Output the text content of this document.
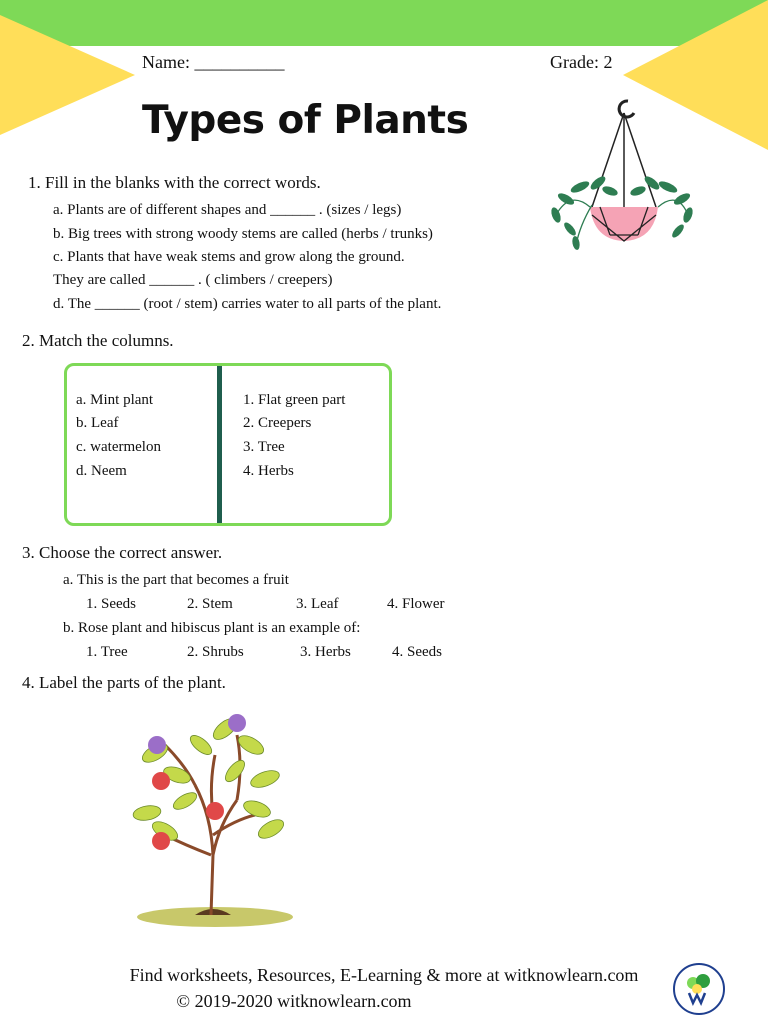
Name: __________	Grade: 2
Types of Plants
1. Fill in the blanks with the correct words.
a. Plants are of different shapes and ______ . (sizes / legs)
b. Big trees with strong woody stems are called (herbs / trunks)
c. Plants that have weak stems and grow along the ground.
They are called ______ . ( climbers / creepers)
d. The ______ (root / stem) carries water to all parts of the plant.
2. Match the columns.
a. Mint plant
b. Leaf
c. watermelon
d. Neem
1. Flat green part
2. Creepers
3. Tree
4. Herbs
3. Choose the correct answer.
a. This is the part that becomes a fruit
1. Seeds	2. Stem	3. Leaf	4. Flower
b. Rose plant and hibiscus plant is an example of:
1. Tree	2. Shrubs	3. Herbs	4. Seeds
4. Label the parts of the plant.
Find worksheets, Resources, E-Learning & more at witknowlearn.com
© 2019-2020 witknowlearn.com
